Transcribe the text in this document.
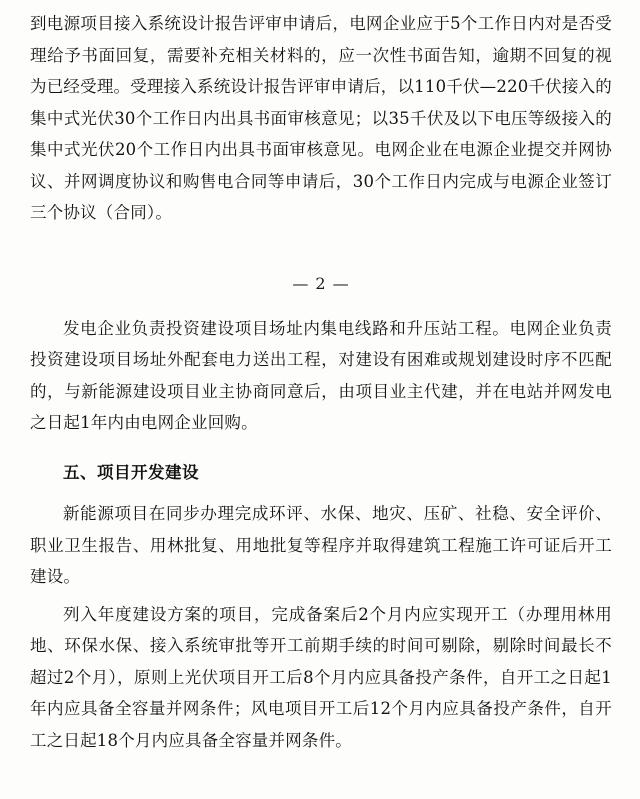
到电源项目接入系统设计报告评审申请后，电网企业应于5个工作日内对是否受理给予书面回复，需要补充相关材料的，应一次性书面告知，逾期不回复的视为已经受理。受理接入系统设计报告评审申请后，以110千伏—220千伏接入的集中式光伏30个工作日内出具书面审核意见；以35千伏及以下电压等级接入的集中式光伏20个工作日内出具书面审核意见。电网企业在电源企业提交并网协议、并网调度协议和购售电合同等申请后，30个工作日内完成与电源企业签订三个协议（合同）。

— 2 —

发电企业负责投资建设项目场址内集电线路和升压站工程。电网企业负责投资建设项目场址外配套电力送出工程，对建设有困难或规划建设时序不匹配的，与新能源建设项目业主协商同意后，由项目业主代建，并在电站并网发电之日起1年内由电网企业回购。

五、项目开发建设

新能源项目在同步办理完成环评、水保、地灾、压矿、社稳、安全评价、职业卫生报告、用林批复、用地批复等程序并取得建筑工程施工许可证后开工建设。

列入年度建设方案的项目，完成备案后2个月内应实现开工（办理用林用地、环保水保、接入系统审批等开工前期手续的时间可剔除，剔除时间最长不超过2个月），原则上光伏项目开工后8个月内应具备投产条件，自开工之日起1年内应具备全容量并网条件；风电项目开工后12个月内应具备投产条件，自开工之日起18个月内应具备全容量并网条件。
